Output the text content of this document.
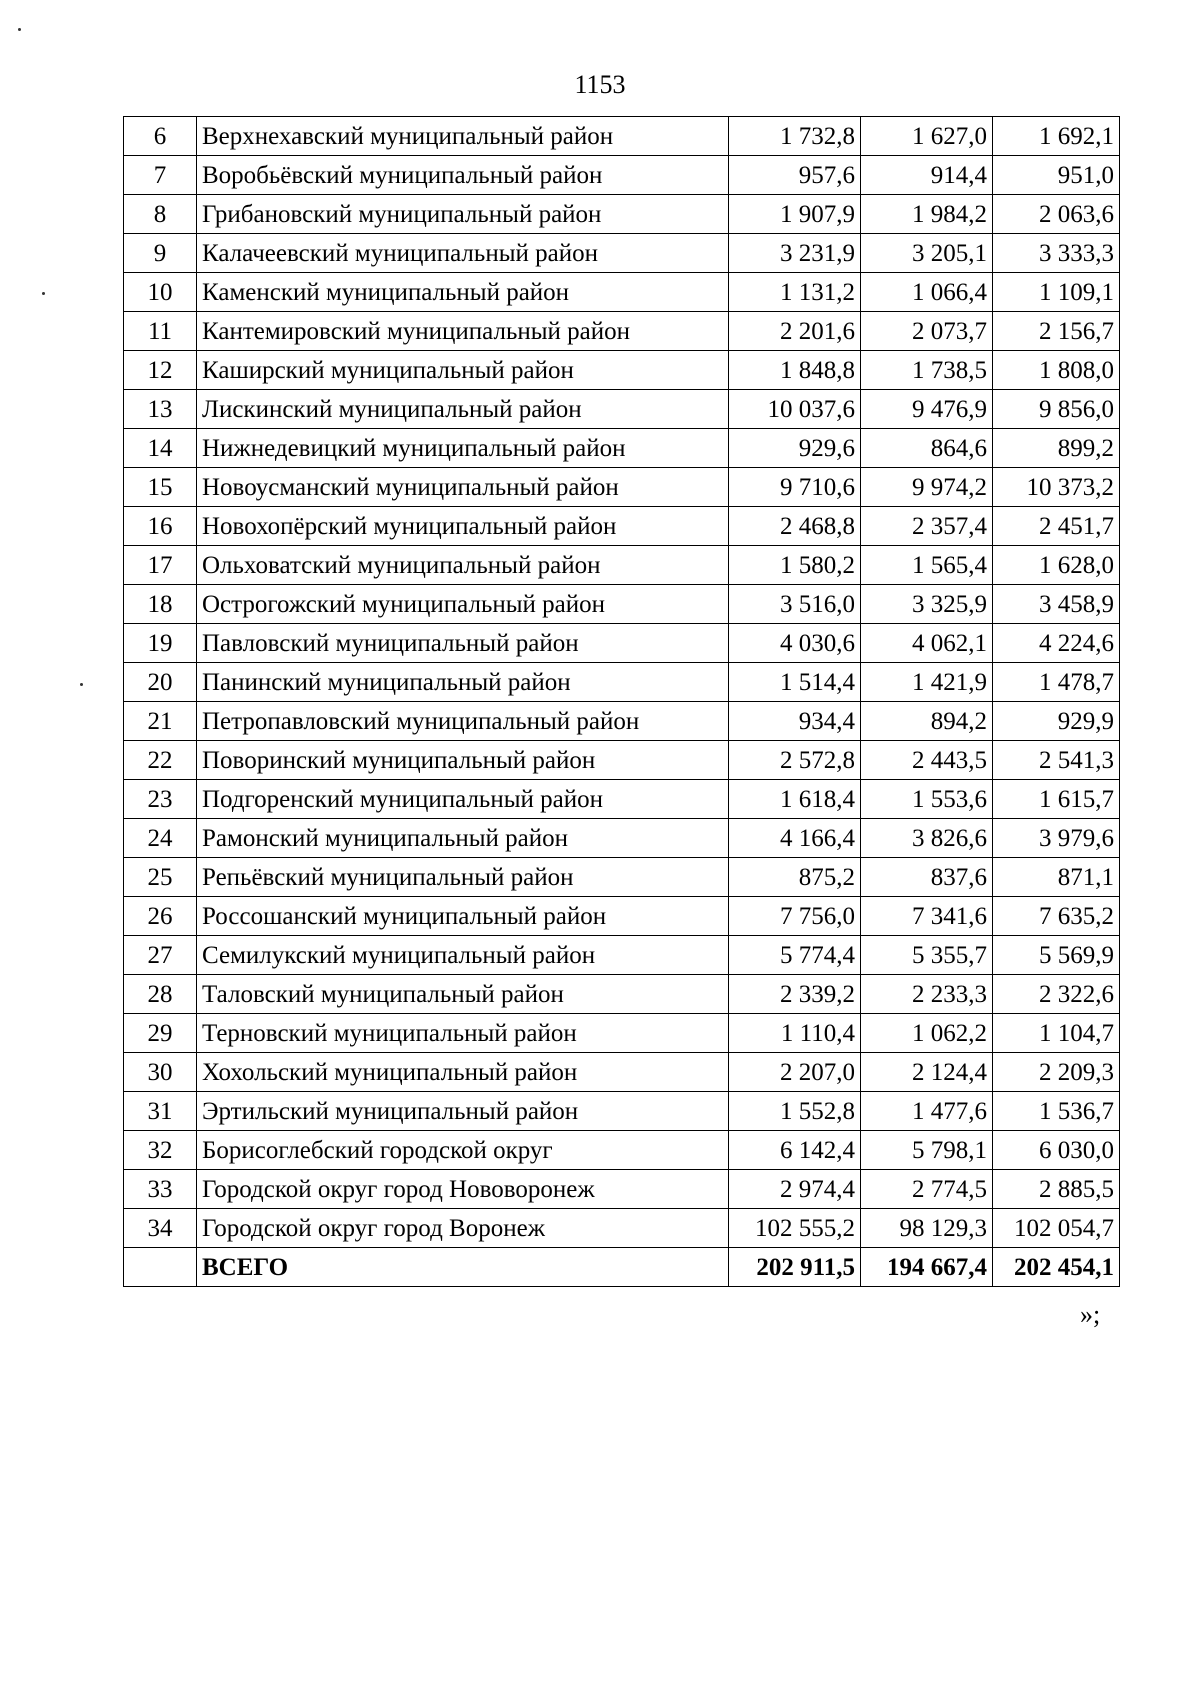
1153
6	Верхнехавский муниципальный район	1 732,8	1 627,0	1 692,1
7	Воробьёвский муниципальный район	957,6	914,4	951,0
8	Грибановский муниципальный район	1 907,9	1 984,2	2 063,6
9	Калачеевский муниципальный район	3 231,9	3 205,1	3 333,3
10	Каменский муниципальный район	1 131,2	1 066,4	1 109,1
11	Кантемировский муниципальный район	2 201,6	2 073,7	2 156,7
12	Каширский муниципальный район	1 848,8	1 738,5	1 808,0
13	Лискинский муниципальный район	10 037,6	9 476,9	9 856,0
14	Нижнедевицкий муниципальный район	929,6	864,6	899,2
15	Новоусманский муниципальный район	9 710,6	9 974,2	10 373,2
16	Новохопёрский муниципальный район	2 468,8	2 357,4	2 451,7
17	Ольховатский муниципальный район	1 580,2	1 565,4	1 628,0
18	Острогожский муниципальный район	3 516,0	3 325,9	3 458,9
19	Павловский муниципальный район	4 030,6	4 062,1	4 224,6
20	Панинский муниципальный район	1 514,4	1 421,9	1 478,7
21	Петропавловский муниципальный район	934,4	894,2	929,9
22	Поворинский муниципальный район	2 572,8	2 443,5	2 541,3
23	Подгоренский муниципальный район	1 618,4	1 553,6	1 615,7
24	Рамонский муниципальный район	4 166,4	3 826,6	3 979,6
25	Репьёвский муниципальный район	875,2	837,6	871,1
26	Россошанский муниципальный район	7 756,0	7 341,6	7 635,2
27	Семилукский муниципальный район	5 774,4	5 355,7	5 569,9
28	Таловский муниципальный район	2 339,2	2 233,3	2 322,6
29	Терновский муниципальный район	1 110,4	1 062,2	1 104,7
30	Хохольский муниципальный район	2 207,0	2 124,4	2 209,3
31	Эртильский муниципальный район	1 552,8	1 477,6	1 536,7
32	Борисоглебский городской округ	6 142,4	5 798,1	6 030,0
33	Городской округ город Нововоронеж	2 974,4	2 774,5	2 885,5
34	Городской округ город Воронеж	102 555,2	98 129,3	102 054,7
	ВСЕГО	202 911,5	194 667,4	202 454,1
»;
